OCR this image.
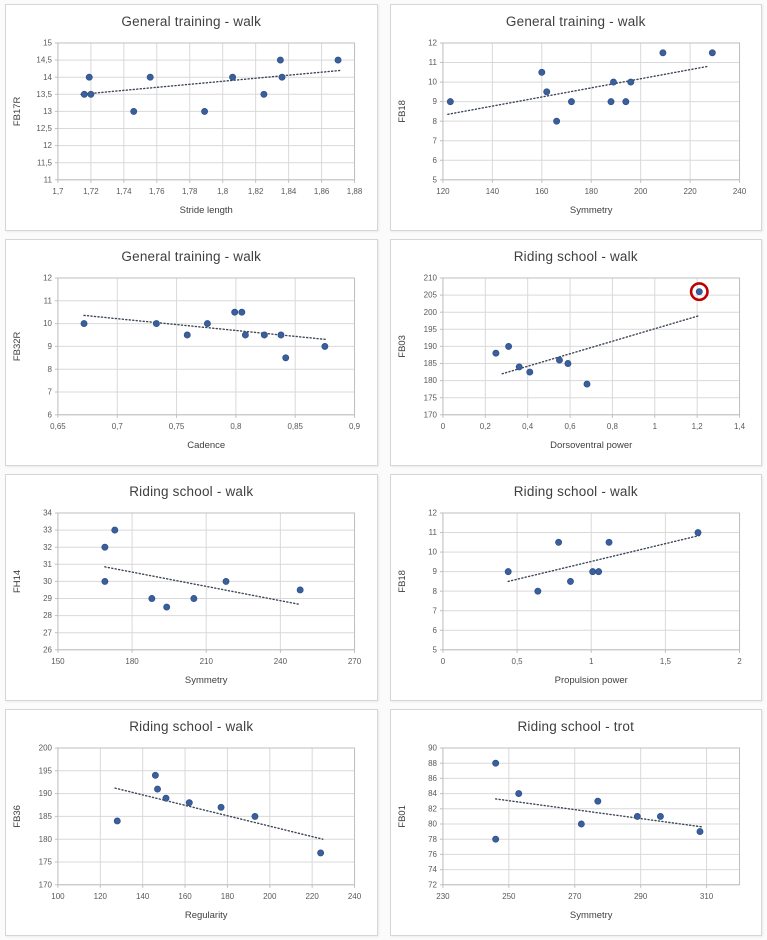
General training - walk
11
11,5
12
12,5
13
13,5
14
14,5
15
1,7 1,72 1,74 1,76 1,78 1,8 1,82 1,84 1,86 1,88
Stride length
FB17R
General training - walk
5
6
7
8
9
10
11
12
120	140	160	180	200	220	240
Symmetry
FB18
General training - walk
6
7
8
9
10
11
12
0,65	0,7	0,75	0,8	0,85	0,9
Cadence
FB32R
Riding school - walk
170
175
180
185
190
195
200
205
210
0	0,2	0,4	0,6	0,8	1	1,2	1,4
Dorsoventral power
FB03
Riding school - walk
26
27
28
29
30
31
32
33
34
150	180	210	240	270
Symmetry
FH14
Riding school - walk
5
6
7
8
9
10
11
12
0	0,5	1	1,5	2
Propulsion power
FB18
Riding school - walk
170
175
180
185
190
195
200
100	120	140	160	180	200	220	240
Regularity
FB36
Riding school - trot
72
74
76
78
80
82
84
86
88
90
230	250	270	290	310
Symmetry
FB01
